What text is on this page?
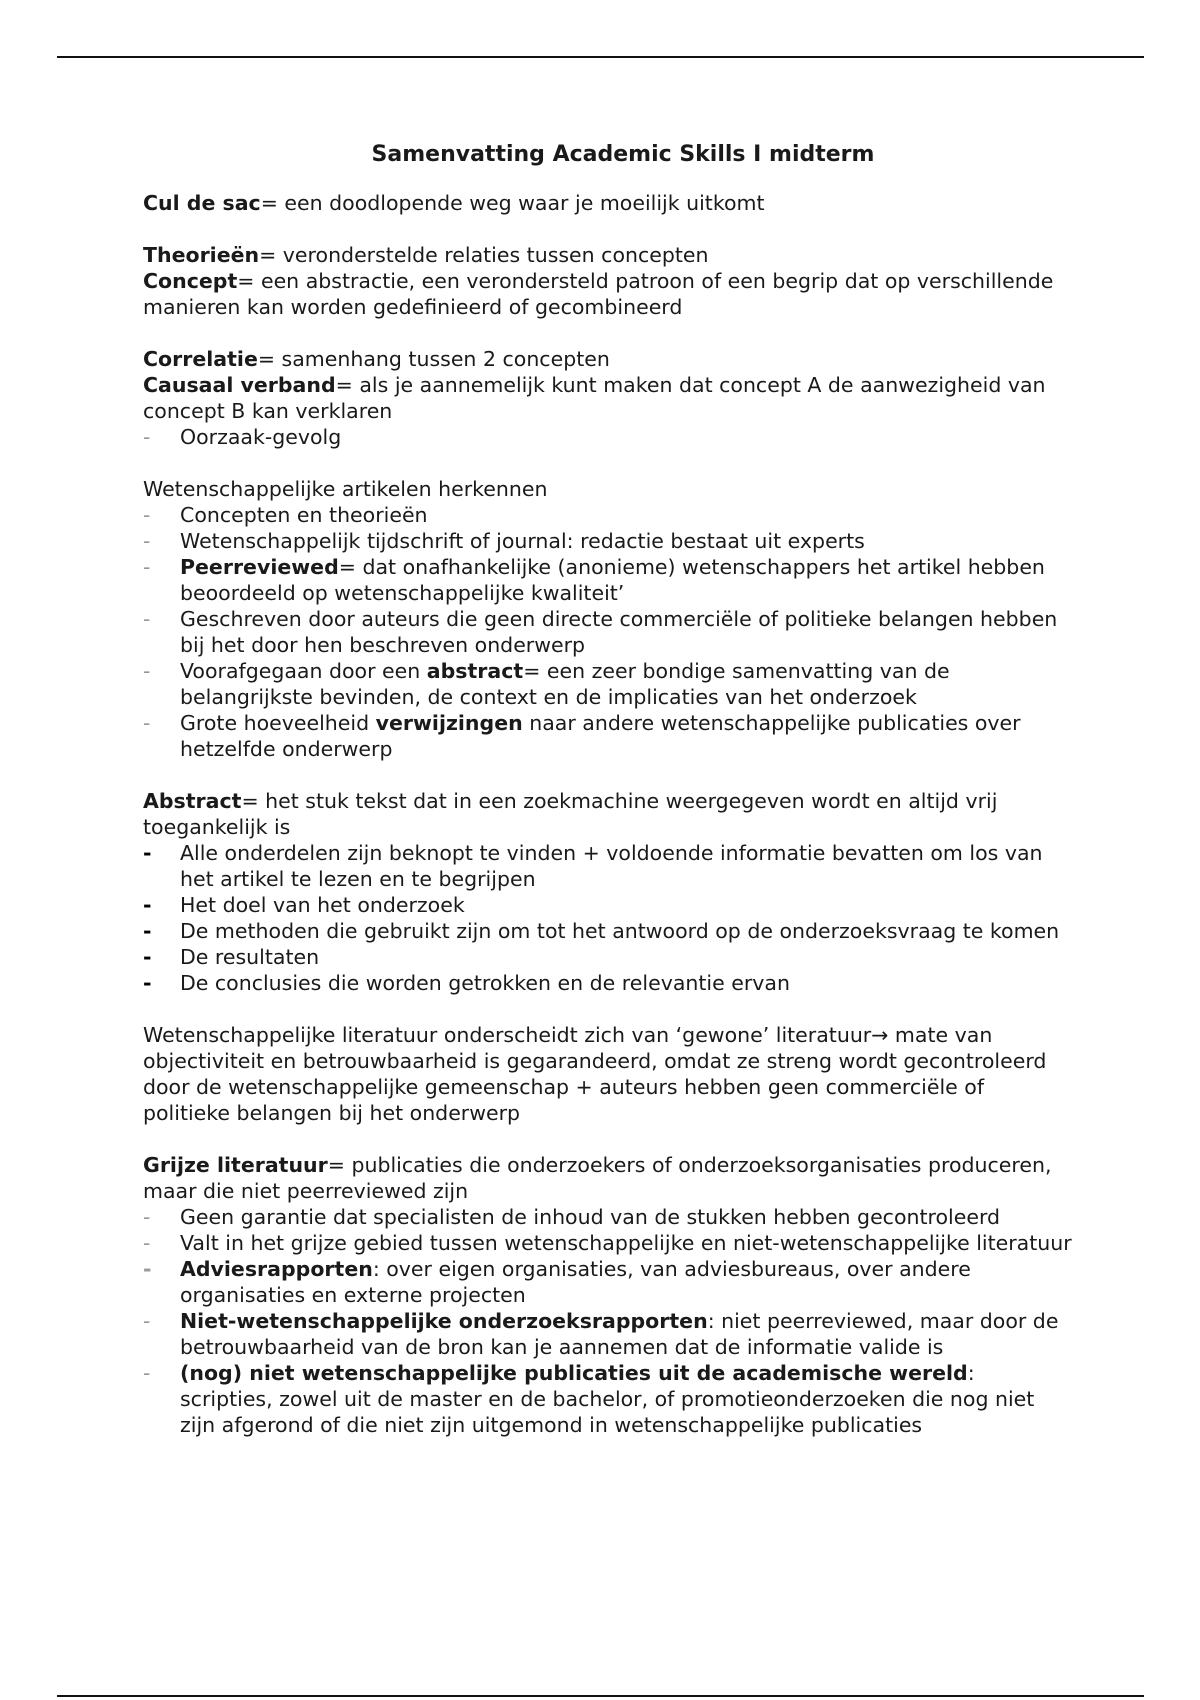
Samenvatting Academic Skills I midterm

Cul de sac= een doodlopende weg waar je moeilijk uitkomt

Theorieën= veronderstelde relaties tussen concepten

Concept= een abstractie, een verondersteld patroon of een begrip dat op verschillende manieren kan worden gedefinieerd of gecombineerd

Correlatie= samenhang tussen 2 concepten

Causaal verband= als je aannemelijk kunt maken dat concept A de aanwezigheid van concept B kan verklaren

-	Oorzaak-gevolg

Wetenschappelijke artikelen herkennen

-	Concepten en theorieën
-	Wetenschappelijk tijdschrift of journal: redactie bestaat uit experts
-	Peerreviewed= dat onafhankelijke (anonieme) wetenschappers het artikel hebben beoordeeld op wetenschappelijke kwaliteit’
-	Geschreven door auteurs die geen directe commerciële of politieke belangen hebben bij het door hen beschreven onderwerp
-	Voorafgegaan door een abstract= een zeer bondige samenvatting van de belangrijkste bevinden, de context en de implicaties van het onderzoek
-	Grote hoeveelheid verwijzingen naar andere wetenschappelijke publicaties over hetzelfde onderwerp

Abstract= het stuk tekst dat in een zoekmachine weergegeven wordt en altijd vrij toegankelijk is

-	Alle onderdelen zijn beknopt te vinden + voldoende informatie bevatten om los van het artikel te lezen en te begrijpen
-	Het doel van het onderzoek
-	De methoden die gebruikt zijn om tot het antwoord op de onderzoeksvraag te komen
-	De resultaten
-	De conclusies die worden getrokken en de relevantie ervan

Wetenschappelijke literatuur onderscheidt zich van ‘gewone’ literatuur→ mate van objectiviteit en betrouwbaarheid is gegarandeerd, omdat ze streng wordt gecontroleerd door de wetenschappelijke gemeenschap + auteurs hebben geen commerciële of politieke belangen bij het onderwerp

Grijze literatuur= publicaties die onderzoekers of onderzoeksorganisaties produceren, maar die niet peerreviewed zijn

-	Geen garantie dat specialisten de inhoud van de stukken hebben gecontroleerd
-	Valt in het grijze gebied tussen wetenschappelijke en niet-wetenschappelijke literatuur
-	Adviesrapporten: over eigen organisaties, van adviesbureaus, over andere organisaties en externe projecten
-	Niet-wetenschappelijke onderzoeksrapporten: niet peerreviewed, maar door de betrouwbaarheid van de bron kan je aannemen dat de informatie valide is
-	(nog) niet wetenschappelijke publicaties uit de academische wereld: scripties, zowel uit de master en de bachelor, of promotieonderzoeken die nog niet zijn afgerond of die niet zijn uitgemond in wetenschappelijke publicaties
